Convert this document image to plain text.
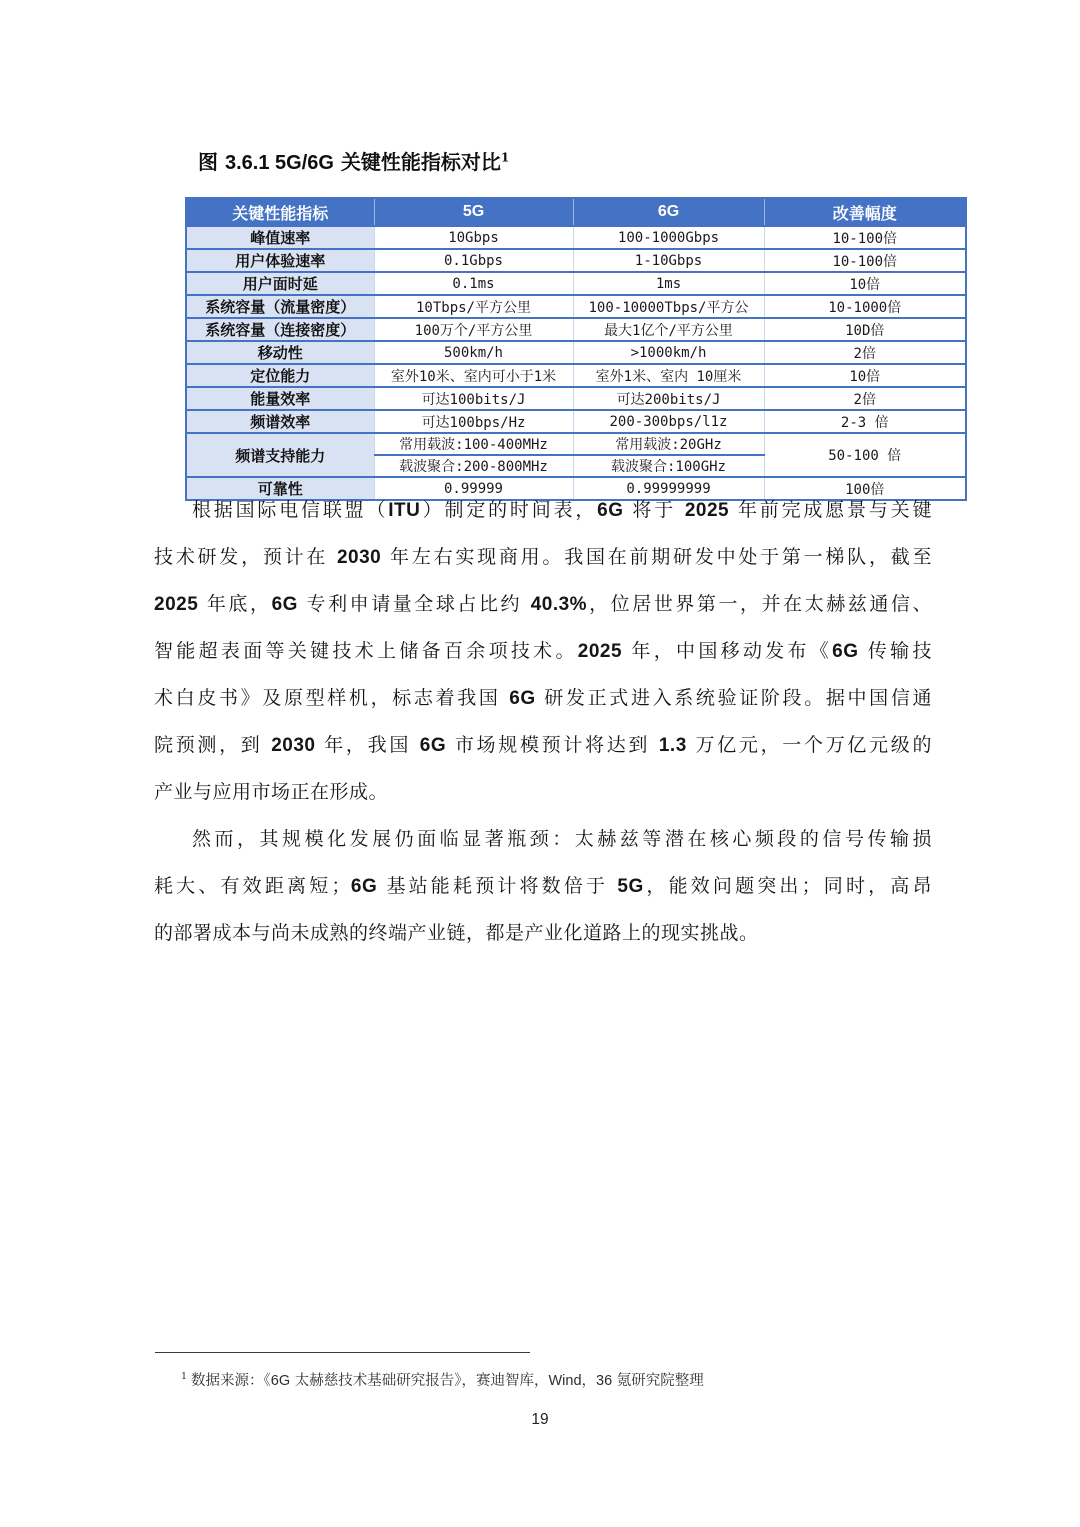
图 3.6.1 5G/6G 关键性能指标对比$^1$
关键性能指标	5G	6G	改善幅度
峰值速率	10Gbps	100-1000Gbps	10-100倍
用户体验速率	0.1Gbps	1-10Gbps	10-100倍
用户面时延	0.1ms	1ms	10倍
系统容量（流量密度）	10Tbps/平方公里	100-10000Tbps/平方公	10-1000倍
系统容量（连接密度）	100万个/平方公里	最大1亿个/平方公里	10D倍
移动性	500km/h	>1000km/h	2倍
定位能力	室外10米、室内可小于1米	室外1米、室内 10厘米	10倍
能量效率	可达100bits/J	可达200bits/J	2倍
频谱效率	可达100bps/Hz	200-300bps/l1z	2-3 倍
频谱支持能力	常用载波:100-400MHz	常用载波:20GHz	50-100 倍
	载波聚合:200-800MHz	载波聚合:100GHz	
可靠性	0.99999	0.99999999	100倍
根据国际电信联盟（ITU）制定的时间表，6G 将于 2025 年前完成愿景与关键
技术研发，预计在 2030 年左右实现商用。我国在前期研发中处于第一梯队，截至
2025 年底，6G 专利申请量全球占比约 40.3%，位居世界第一，并在太赫兹通信、
智能超表面等关键技术上储备百余项技术。2025 年，中国移动发布《6G 传输技
术白皮书》及原型样机，标志着我国 6G 研发正式进入系统验证阶段。据中国信通
院预测，到 2030 年，我国 6G 市场规模预计将达到 1.3 万亿元，一个万亿元级的
产业与应用市场正在形成。
然而，其规模化发展仍面临显著瓶颈：太赫兹等潜在核心频段的信号传输损
耗大、有效距离短；6G 基站能耗预计将数倍于 5G，能效问题突出；同时，高昂
的部署成本与尚未成熟的终端产业链，都是产业化道路上的现实挑战。
$^1$ 数据来源：《6G 太赫慈技术基础研究报告》，赛迪智库，Wind，36 氪研究院整理
19
